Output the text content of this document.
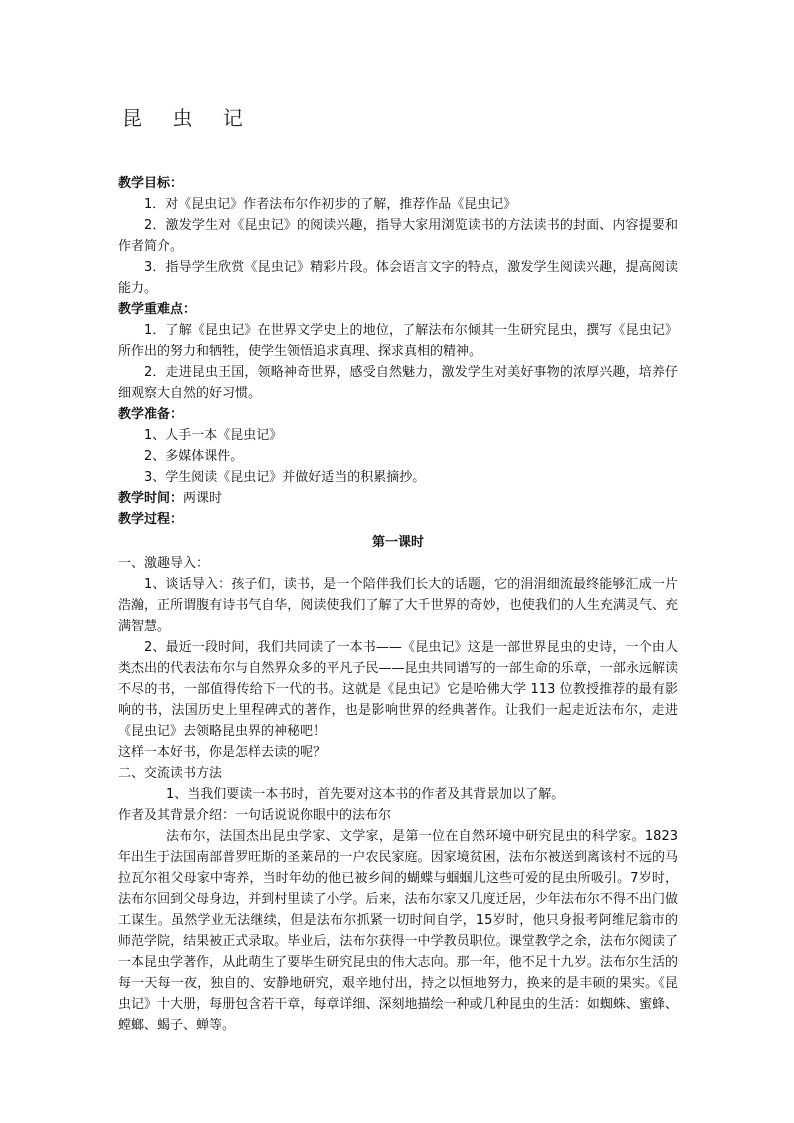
昆 虫 记

教学目标：

1．对《昆虫记》作者法布尔作初步的了解，推荐作品《昆虫记》

2．激发学生对《昆虫记》的阅读兴趣，指导大家用浏览读书的方法读书的封面、内容提要和作者简介。

3．指导学生欣赏《昆虫记》精彩片段。体会语言文字的特点，激发学生阅读兴趣，提高阅读能力。

教学重难点：

1．了解《昆虫记》在世界文学史上的地位，了解法布尔倾其一生研究昆虫，撰写《昆虫记》所作出的努力和牺牲，使学生领悟追求真理、探求真相的精神。

2．走进昆虫王国，领略神奇世界，感受自然魅力，激发学生对美好事物的浓厚兴趣，培养仔细观察大自然的好习惯。

教学准备：

1、人手一本《昆虫记》

2、多媒体课件。

3、学生阅读《昆虫记》并做好适当的积累摘抄。

教学时间：两课时

教学过程：

第一课时

一、激趣导入：

1、谈话导入：孩子们，读书，是一个陪伴我们长大的话题，它的涓涓细流最终能够汇成一片浩瀚，正所谓腹有诗书气自华，阅读使我们了解了大千世界的奇妙，也使我们的人生充满灵气、充满智慧。

2、最近一段时间，我们共同读了一本书——《昆虫记》这是一部世界昆虫的史诗，一个由人类杰出的代表法布尔与自然界众多的平凡子民——昆虫共同谱写的一部生命的乐章，一部永远解读不尽的书，一部值得传给下一代的书。这就是《昆虫记》它是哈佛大学 113 位教授推荐的最有影响的书，法国历史上里程碑式的著作，也是影响世界的经典著作。让我们一起走近法布尔，走进《昆虫记》去领略昆虫界的神秘吧！

这样一本好书，你是怎样去读的呢？

二、交流读书方法

1、当我们要读一本书时，首先要对这本书的作者及其背景加以了解。

作者及其背景介绍：一句话说说你眼中的法布尔

法布尔，法国杰出昆虫学家、文学家，是第一位在自然环境中研究昆虫的科学家。1823年出生于法国南部普罗旺斯的圣莱昂的一户农民家庭。因家境贫困，法布尔被送到离该村不远的马拉瓦尔祖父母家中寄养，当时年幼的他已被乡间的蝴蝶与蝈蝈儿这些可爱的昆虫所吸引。7岁时，法布尔回到父母身边，并到村里读了小学。后来，法布尔家又几度迁居，少年法布尔不得不出门做工谋生。虽然学业无法继续，但是法布尔抓紧一切时间自学，15岁时，他只身报考阿维尼翁市的师范学院，结果被正式录取。毕业后，法布尔获得一中学教员职位。课堂教学之余，法布尔阅读了一本昆虫学著作，从此萌生了要毕生研究昆虫的伟大志向。那一年，他不足十九岁。法布尔生活的每一天每一夜，独自的、安静地研究，艰辛地付出，持之以恒地努力，换来的是丰硕的果实。《昆虫记》十大册，每册包含若干章，每章详细、深刻地描绘一种或几种昆虫的生活：如蜘蛛、蜜蜂、螳螂、蝎子、蝉等。
